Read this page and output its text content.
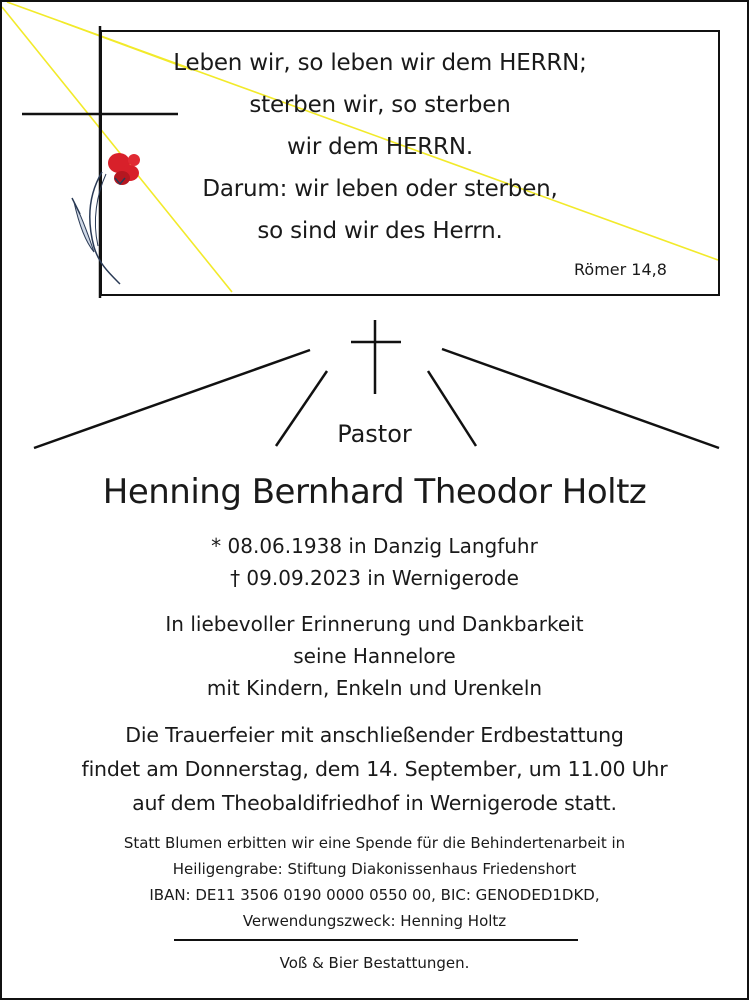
Leben wir, so leben wir dem HERRN;
sterben wir, so sterben
wir dem HERRN.
Darum: wir leben oder sterben,
so sind wir des Herrn.
Römer 14,8
Pastor
Henning Bernhard Theodor Holtz
* 08.06.1938 in Danzig Langfuhr
† 09.09.2023 in Wernigerode
In liebevoller Erinnerung und Dankbarkeit
seine Hannelore
mit Kindern, Enkeln und Urenkeln
Die Trauerfeier mit anschließender Erdbestattung
findet am Donnerstag, dem 14. September, um 11.00 Uhr
auf dem Theobaldifriedhof in Wernigerode statt.
Statt Blumen erbitten wir eine Spende für die Behindertenarbeit in
Heiligengrabe: Stiftung Diakonissenhaus Friedenshort
IBAN: DE11 3506 0190 0000 0550 00, BIC: GENODED1DKD,
Verwendungszweck: Henning Holtz
Voß & Bier Bestattungen.
